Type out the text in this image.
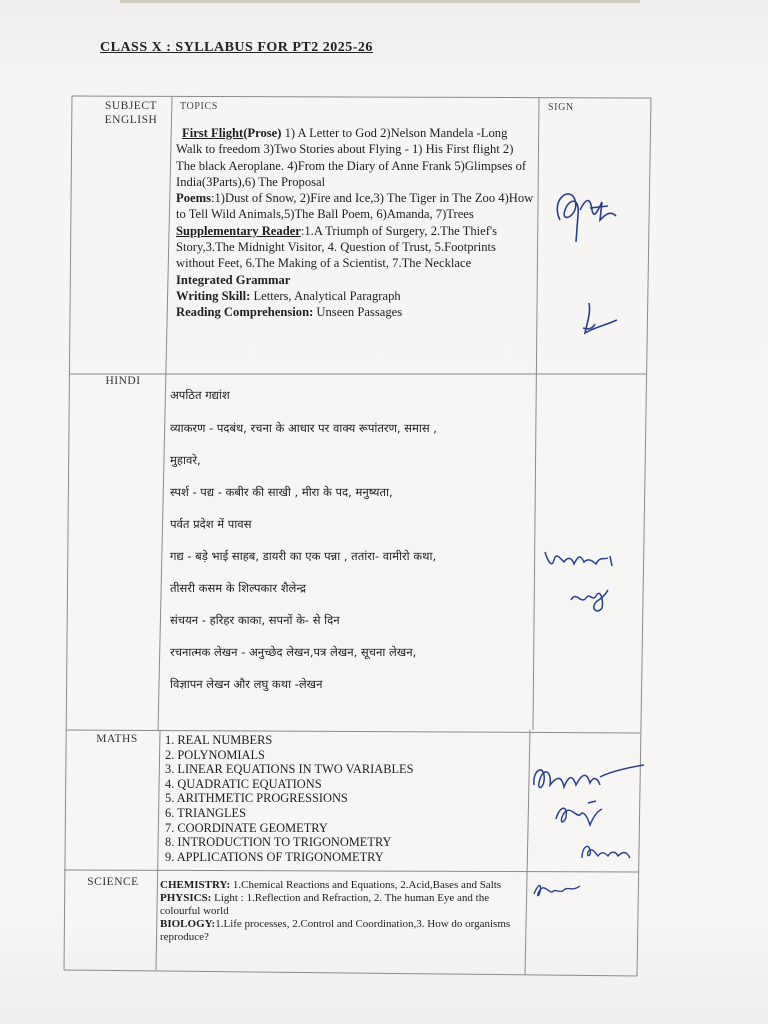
CLASS X : SYLLABUS FOR PT2 2025-26
SUBJECT	TOPICS	SIGN
ENGLISH
First Flight(Prose) 1) A Letter to God 2)Nelson Mandela -Long Walk to freedom 3)Two Stories about Flying - 1) His First flight 2) The black Aeroplane. 4)From the Diary of Anne Frank 5)Glimpses of India(3Parts),6) The Proposal
Poems:1)Dust of Snow, 2)Fire and Ice,3) The Tiger in The Zoo 4)How to Tell Wild Animals,5)The Ball Poem, 6)Amanda, 7)Trees
Supplementary Reader:1.A Triumph of Surgery, 2.The Thief's Story,3.The Midnight Visitor, 4. Question of Trust, 5.Footprints without Feet, 6.The Making of a Scientist, 7.The Necklace
Integrated Grammar
Writing Skill: Letters, Analytical Paragraph
Reading Comprehension: Unseen Passages
HINDI
अपठित गद्यांश
व्याकरण - पदबंध, रचना के आधार पर वाक्य रूपांतरण, समास ,
मुहावरे,
स्पर्श - पद्य - कबीर की साखी , मीरा के पद, मनुष्यता,
पर्वत प्रदेश में पावस
गद्य - बड़े भाई साहब, डायरी का एक पन्ना , ततांरा- वामीरो कथा,
तीसरी कसम के शिल्पकार शैलेन्द्र
संचयन - हरिहर काका, सपनों के- से दिन
रचनात्मक लेखन - अनुच्छेद लेखन,पत्र लेखन, सूचना लेखन,
विज्ञापन लेखन और लघु कथा -लेखन
MATHS	1. REAL NUMBERS
2. POLYNOMIALS
3. LINEAR EQUATIONS IN TWO VARIABLES
4. QUADRATIC EQUATIONS
5. ARITHMETIC PROGRESSIONS
6. TRIANGLES
7. COORDINATE GEOMETRY
8. INTRODUCTION TO TRIGONOMETRY
9. APPLICATIONS OF TRIGONOMETRY
SCIENCE	CHEMISTRY: 1.Chemical Reactions and Equations, 2.Acid,Bases and Salts
PHYSICS: Light : 1.Reflection and Refraction, 2. The human Eye and the colourful world
BIOLOGY:1.Life processes, 2.Control and Coordination,3. How do organisms reproduce?
